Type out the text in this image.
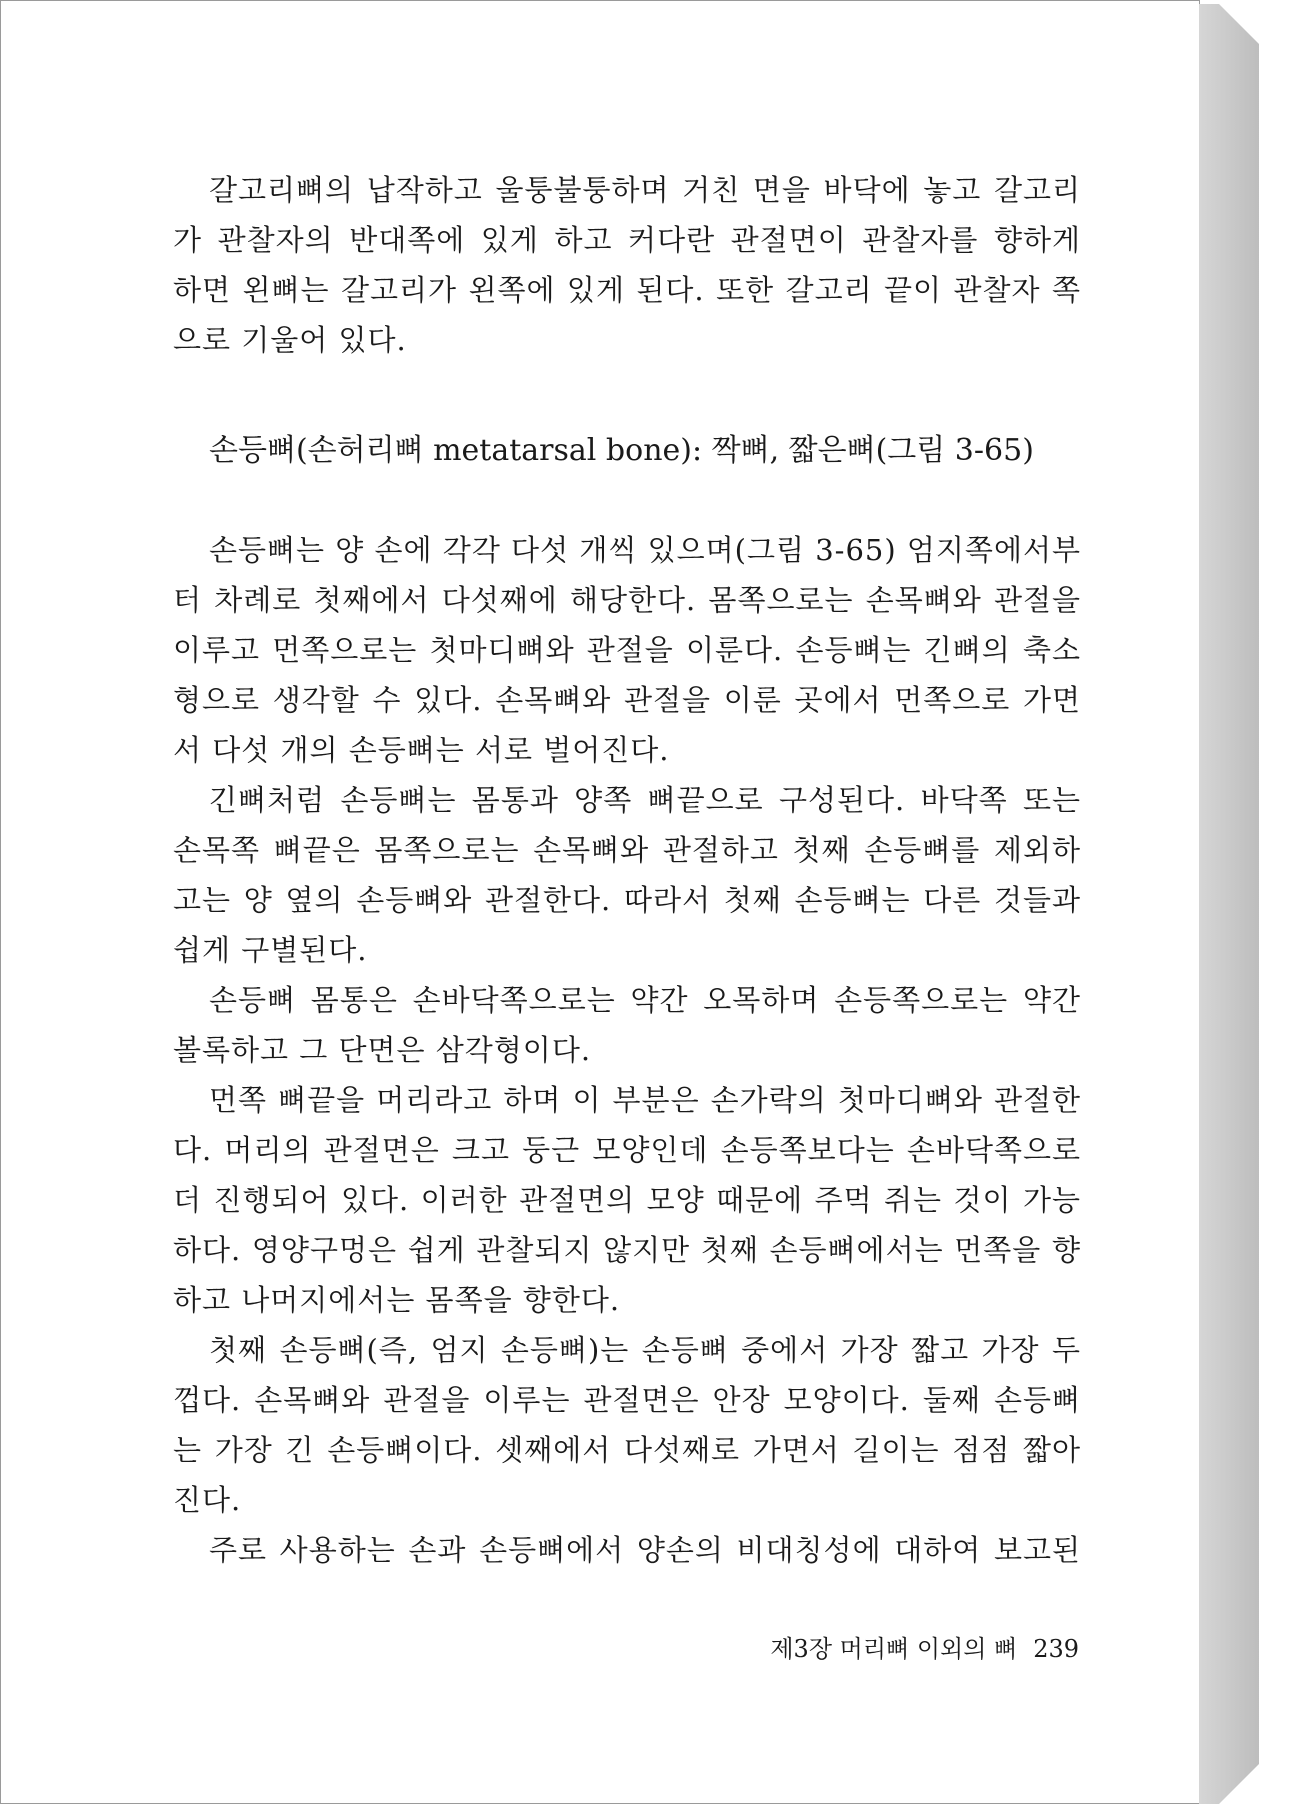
갈고리뼈의 납작하고 울퉁불퉁하며 거친 면을 바닥에 놓고 갈고리
가 관찰자의 반대쪽에 있게 하고 커다란 관절면이 관찰자를 향하게
하면 왼뼈는 갈고리가 왼쪽에 있게 된다. 또한 갈고리 끝이 관찰자 쪽
으로 기울어 있다.
손등뼈(손허리뼈 metatarsal bone): 짝뼈, 짧은뼈(그림 3-65)
손등뼈는 양 손에 각각 다섯 개씩 있으며(그림 3-65) 엄지쪽에서부
터 차례로 첫째에서 다섯째에 해당한다. 몸쪽으로는 손목뼈와 관절을
이루고 먼쪽으로는 첫마디뼈와 관절을 이룬다. 손등뼈는 긴뼈의 축소
형으로 생각할 수 있다. 손목뼈와 관절을 이룬 곳에서 먼쪽으로 가면
서 다섯 개의 손등뼈는 서로 벌어진다.
긴뼈처럼 손등뼈는 몸통과 양쪽 뼈끝으로 구성된다. 바닥쪽 또는
손목쪽 뼈끝은 몸쪽으로는 손목뼈와 관절하고 첫째 손등뼈를 제외하
고는 양 옆의 손등뼈와 관절한다. 따라서 첫째 손등뼈는 다른 것들과
쉽게 구별된다.
손등뼈 몸통은 손바닥쪽으로는 약간 오목하며 손등쪽으로는 약간
볼록하고 그 단면은 삼각형이다.
먼쪽 뼈끝을 머리라고 하며 이 부분은 손가락의 첫마디뼈와 관절한
다. 머리의 관절면은 크고 둥근 모양인데 손등쪽보다는 손바닥쪽으로
더 진행되어 있다. 이러한 관절면의 모양 때문에 주먹 쥐는 것이 가능
하다. 영양구멍은 쉽게 관찰되지 않지만 첫째 손등뼈에서는 먼쪽을 향
하고 나머지에서는 몸쪽을 향한다.
첫째 손등뼈(즉, 엄지 손등뼈)는 손등뼈 중에서 가장 짧고 가장 두
껍다. 손목뼈와 관절을 이루는 관절면은 안장 모양이다. 둘째 손등뼈
는 가장 긴 손등뼈이다. 셋째에서 다섯째로 가면서 길이는 점점 짧아
진다.
주로 사용하는 손과 손등뼈에서 양손의 비대칭성에 대하여 보고된
제3장 머리뼈 이외의 뼈 239
